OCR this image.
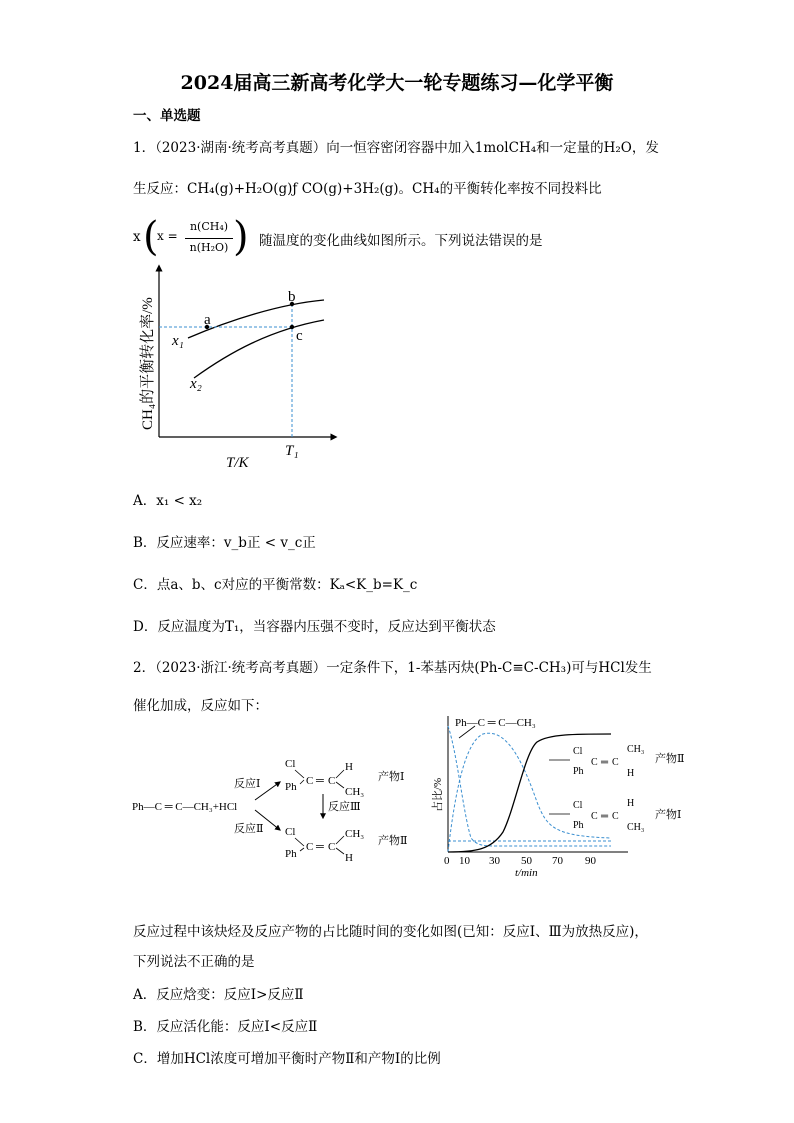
2024届高三新高考化学大一轮专题练习—化学平衡
一、单选题
1．（2023·湖南·统考高考真题）向一恒容密闭容器中加入1molCH₄和一定量的H₂O，发
生反应：CH₄(g)+H₂O(g)ƒ CO(g)+3H₂(g)。CH₄的平衡转化率按不同投料比
x (
x =
n(CH₄)
n(H₂O) ) 随温度的变化曲线如图所示。下列说法错误的是
a
b
c
x₁
x₂
T₁
T/K
CH₄的平衡转化率/%
A．x₁ < x₂
B．反应速率：v_b正 < v_c正
C．点a、b、c对应的平衡常数：Kₐ<K_b=K_c
D．反应温度为T₁，当容器内压强不变时，反应达到平衡状态
2．（2023·浙江·统考高考真题）一定条件下，1-苯基丙炔(Ph-C≡C-CH₃)可与HCl发生
催化加成，反应如下：
Ph—C ═ C—CH₃+HCl
反应Ⅰ
反应Ⅱ
Cl
Ph C ═ C
H
CH₃
产物Ⅰ
反应Ⅲ
Cl
Ph
C ═ C
CH₃
H
产物Ⅱ
Ph—C ═ C—CH₃
产物Ⅱ
产物Ⅰ
Cl
Ph
C ═ C
CH₃
H
Cl
Ph
C ═ C
H
CH₃
占比/%
0 10 30 50 70 90
t/min
反应过程中该炔烃及反应产物的占比随时间的变化如图(已知：反应Ⅰ、Ⅲ为放热反应)，
下列说法不正确的是
A．反应焓变：反应Ⅰ>反应Ⅱ
B．反应活化能：反应Ⅰ<反应Ⅱ
C．增加HCl浓度可增加平衡时产物Ⅱ和产物Ⅰ的比例
